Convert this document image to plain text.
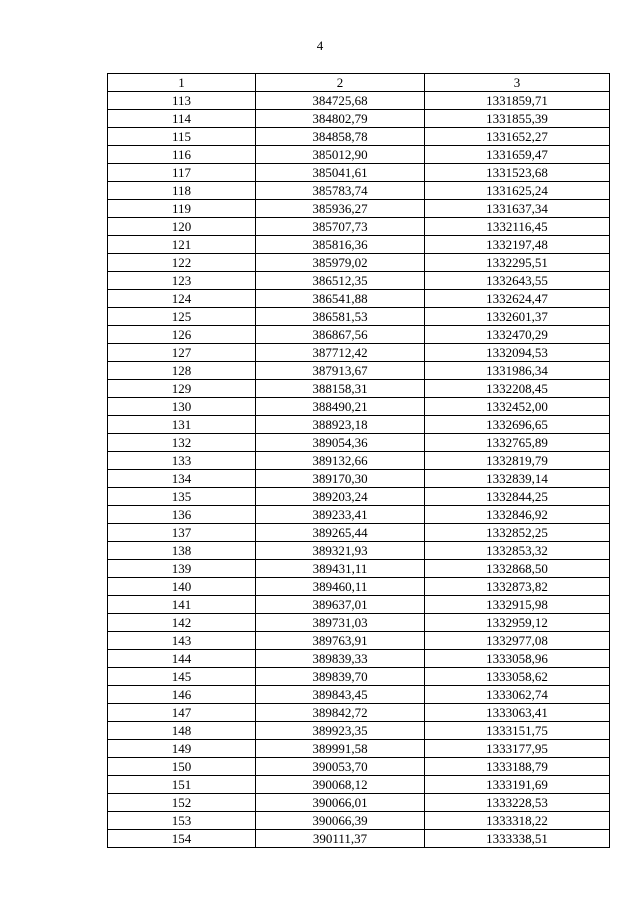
4
1	2	3
113	384725,68	1331859,71
114	384802,79	1331855,39
115	384858,78	1331652,27
116	385012,90	1331659,47
117	385041,61	1331523,68
118	385783,74	1331625,24
119	385936,27	1331637,34
120	385707,73	1332116,45
121	385816,36	1332197,48
122	385979,02	1332295,51
123	386512,35	1332643,55
124	386541,88	1332624,47
125	386581,53	1332601,37
126	386867,56	1332470,29
127	387712,42	1332094,53
128	387913,67	1331986,34
129	388158,31	1332208,45
130	388490,21	1332452,00
131	388923,18	1332696,65
132	389054,36	1332765,89
133	389132,66	1332819,79
134	389170,30	1332839,14
135	389203,24	1332844,25
136	389233,41	1332846,92
137	389265,44	1332852,25
138	389321,93	1332853,32
139	389431,11	1332868,50
140	389460,11	1332873,82
141	389637,01	1332915,98
142	389731,03	1332959,12
143	389763,91	1332977,08
144	389839,33	1333058,96
145	389839,70	1333058,62
146	389843,45	1333062,74
147	389842,72	1333063,41
148	389923,35	1333151,75
149	389991,58	1333177,95
150	390053,70	1333188,79
151	390068,12	1333191,69
152	390066,01	1333228,53
153	390066,39	1333318,22
154	390111,37	1333338,51
